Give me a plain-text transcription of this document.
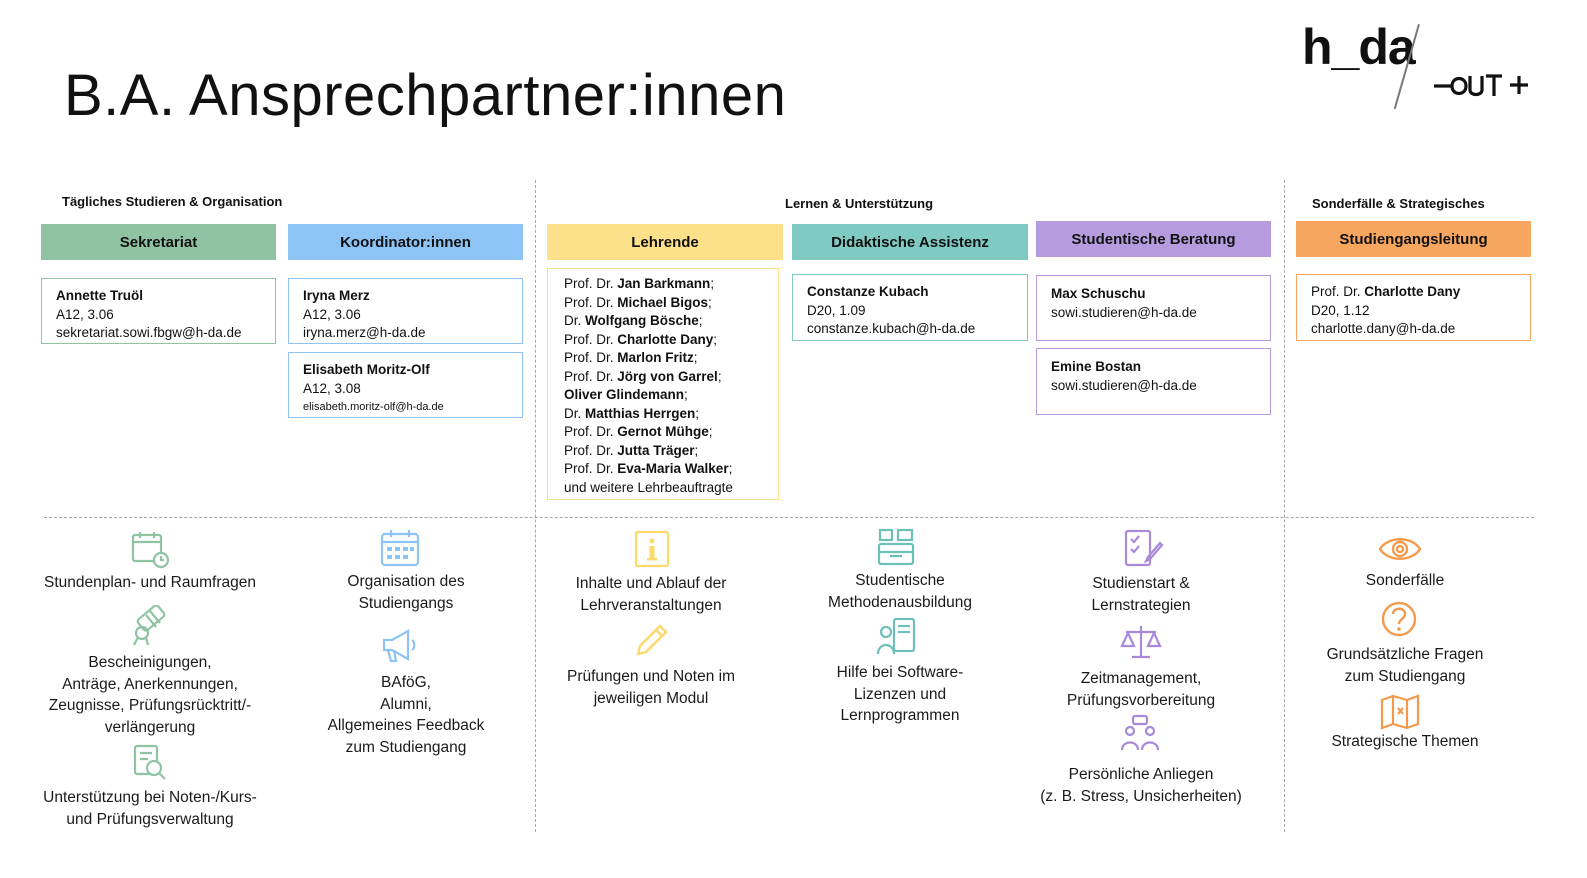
B.A. Ansprechpartner:innen
h_da
Tägliches Studieren & Organisation	Lernen & Unterstützung	Sonderfälle & Strategisches
Sekretariat	Koordinator:innen	Lehrende	Didaktische Assistenz	Studentische Beratung	Studiengangsleitung
Annette Truöl
A12, 3.06
sekretariat.sowi.fbgw@h-da.de
Iryna Merz
A12, 3.06
iryna.merz@h-da.de
Elisabeth Moritz-Olf
A12, 3.08
elisabeth.moritz-olf@h-da.de
Prof. Dr. Jan Barkmann;
Prof. Dr. Michael Bigos;
Dr. Wolfgang Bösche;
Prof. Dr. Charlotte Dany;
Prof. Dr. Marlon Fritz;
Prof. Dr. Jörg von Garrel;
Oliver Glindemann;
Dr. Matthias Herrgen;
Prof. Dr. Gernot Mühge;
Prof. Dr. Jutta Träger;
Prof. Dr. Eva-Maria Walker;
und weitere Lehrbeauftragte
Constanze Kubach
D20, 1.09
constanze.kubach@h-da.de
Max Schuschu
sowi.studieren@h-da.de
Emine Bostan
sowi.studieren@h-da.de
Prof. Dr. Charlotte Dany
D20, 1.12
charlotte.dany@h-da.de
Stundenplan- und Raumfragen
Bescheinigungen,
Anträge, Anerkennungen,
Zeugnisse, Prüfungsrücktritt/-
verlängerung
Unterstützung bei Noten-/Kurs-
und Prüfungsverwaltung
Organisation des
Studiengangs
BAföG,
Alumni,
Allgemeines Feedback
zum Studiengang
Inhalte und Ablauf der
Lehrveranstaltungen
Prüfungen und Noten im
jeweiligen Modul
Studentische
Methodenausbildung
Hilfe bei Software-
Lizenzen und
Lernprogrammen
Studienstart &
Lernstrategien
Zeitmanagement,
Prüfungsvorbereitung
Persönliche Anliegen
(z. B. Stress, Unsicherheiten)
Sonderfälle
Grundsätzliche Fragen
zum Studiengang
Strategische Themen
